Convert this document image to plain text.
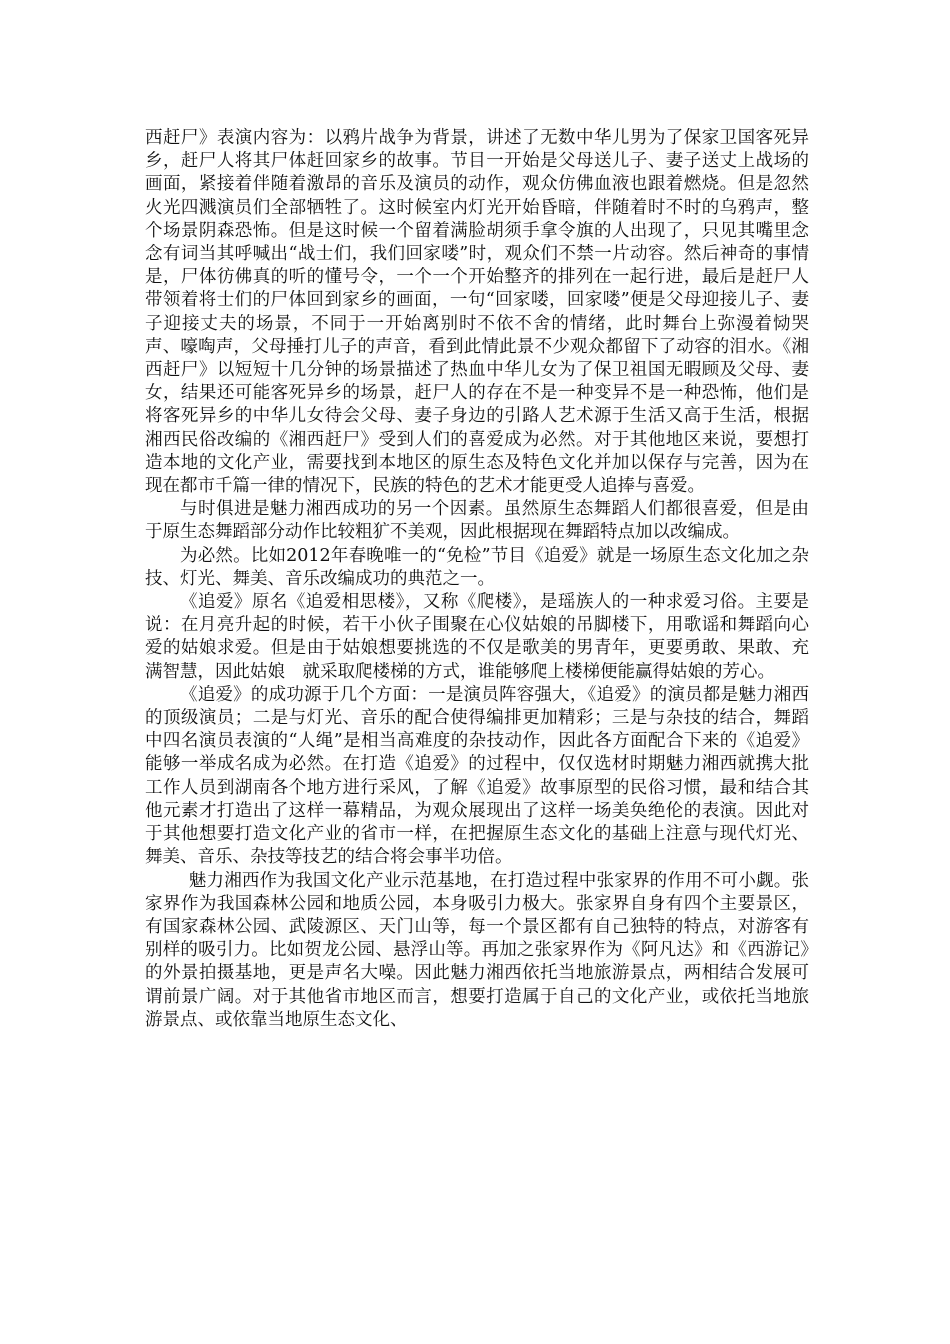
西赶尸》表演内容为：以鸦片战争为背景，讲述了无数中华儿男为了保家卫国客死异乡，赶尸人将其尸体赶回家乡的故事。节目一开始是父母送儿子、妻子送丈上战场的画面，紧接着伴随着激昂的音乐及演员的动作，观众仿佛血液也跟着燃烧。但是忽然火光四溅演员们全部牺牲了。这时候室内灯光开始昏暗，伴随着时不时的乌鸦声，整个场景阴森恐怖。但是这时候一个留着满脸胡须手拿令旗的人出现了，只见其嘴里念念有词当其呼喊出“战士们，我们回家喽”时，观众们不禁一片动容。然后神奇的事情是，尸体彷佛真的听的懂号令，一个一个开始整齐的排列在一起行进，最后是赶尸人带领着将士们的尸体回到家乡的画面，一句“回家喽，回家喽”便是父母迎接儿子、妻子迎接丈夫的场景，不同于一开始离别时不依不舍的情绪，此时舞台上弥漫着恸哭声、嚎啕声，父母捶打儿子的声音，看到此情此景不少观众都留下了动容的泪水。《湘西赶尸》以短短十几分钟的场景描述了热血中华儿女为了保卫祖国无暇顾及父母、妻女，结果还可能客死异乡的场景，赶尸人的存在不是一种变异不是一种恐怖，他们是将客死异乡的中华儿女待会父母、妻子身边的引路人艺术源于生活又高于生活，根据湘西民俗改编的《湘西赶尸》受到人们的喜爱成为必然。对于其他地区来说，要想打造本地的文化产业，需要找到本地区的原生态及特色文化并加以保存与完善，因为在现在都市千篇一律的情况下，民族的特色的艺术才能更受人追捧与喜爱。

与时俱进是魅力湘西成功的另一个因素。虽然原生态舞蹈人们都很喜爱，但是由于原生态舞蹈部分动作比较粗犷不美观，因此根据现在舞蹈特点加以改编成。

为必然。比如2012年春晚唯一的“免检”节目《追爱》就是一场原生态文化加之杂技、灯光、舞美、音乐改编成功的典范之一。

《追爱》原名《追爱相思楼》，又称《爬楼》，是瑶族人的一种求爱习俗。主要是说：在月亮升起的时候，若干小伙子围聚在心仪姑娘的吊脚楼下，用歌谣和舞蹈向心爱的姑娘求爱。但是由于姑娘想要挑选的不仅是歌美的男青年，更要勇敢、果敢、充满智慧，因此姑娘　就采取爬楼梯的方式，谁能够爬上楼梯便能赢得姑娘的芳心。

《追爱》的成功源于几个方面：一是演员阵容强大，《追爱》的演员都是魅力湘西的顶级演员；二是与灯光、音乐的配合使得编排更加精彩；三是与杂技的结合，舞蹈中四名演员表演的“人绳”是相当高难度的杂技动作，因此各方面配合下来的《追爱》能够一举成名成为必然。在打造《追爱》的过程中，仅仅选材时期魅力湘西就携大批工作人员到湖南各个地方进行采风，了解《追爱》故事原型的民俗习惯，最和结合其他元素才打造出了这样一幕精品，为观众展现出了这样一场美奂绝伦的表演。因此对于其他想要打造文化产业的省市一样，在把握原生态文化的基础上注意与现代灯光、舞美、音乐、杂技等技艺的结合将会事半功倍。

魅力湘西作为我国文化产业示范基地，在打造过程中张家界的作用不可小觑。张家界作为我国森林公园和地质公园，本身吸引力极大。张家界自身有四个主要景区，有国家森林公园、武陵源区、天门山等，每一个景区都有自己独特的特点，对游客有别样的吸引力。比如贺龙公园、悬浮山等。再加之张家界作为《阿凡达》和《西游记》的外景拍摄基地，更是声名大噪。因此魅力湘西依托当地旅游景点，两相结合发展可谓前景广阔。对于其他省市地区而言，想要打造属于自己的文化产业，或依托当地旅游景点、或依靠当地原生态文化、
